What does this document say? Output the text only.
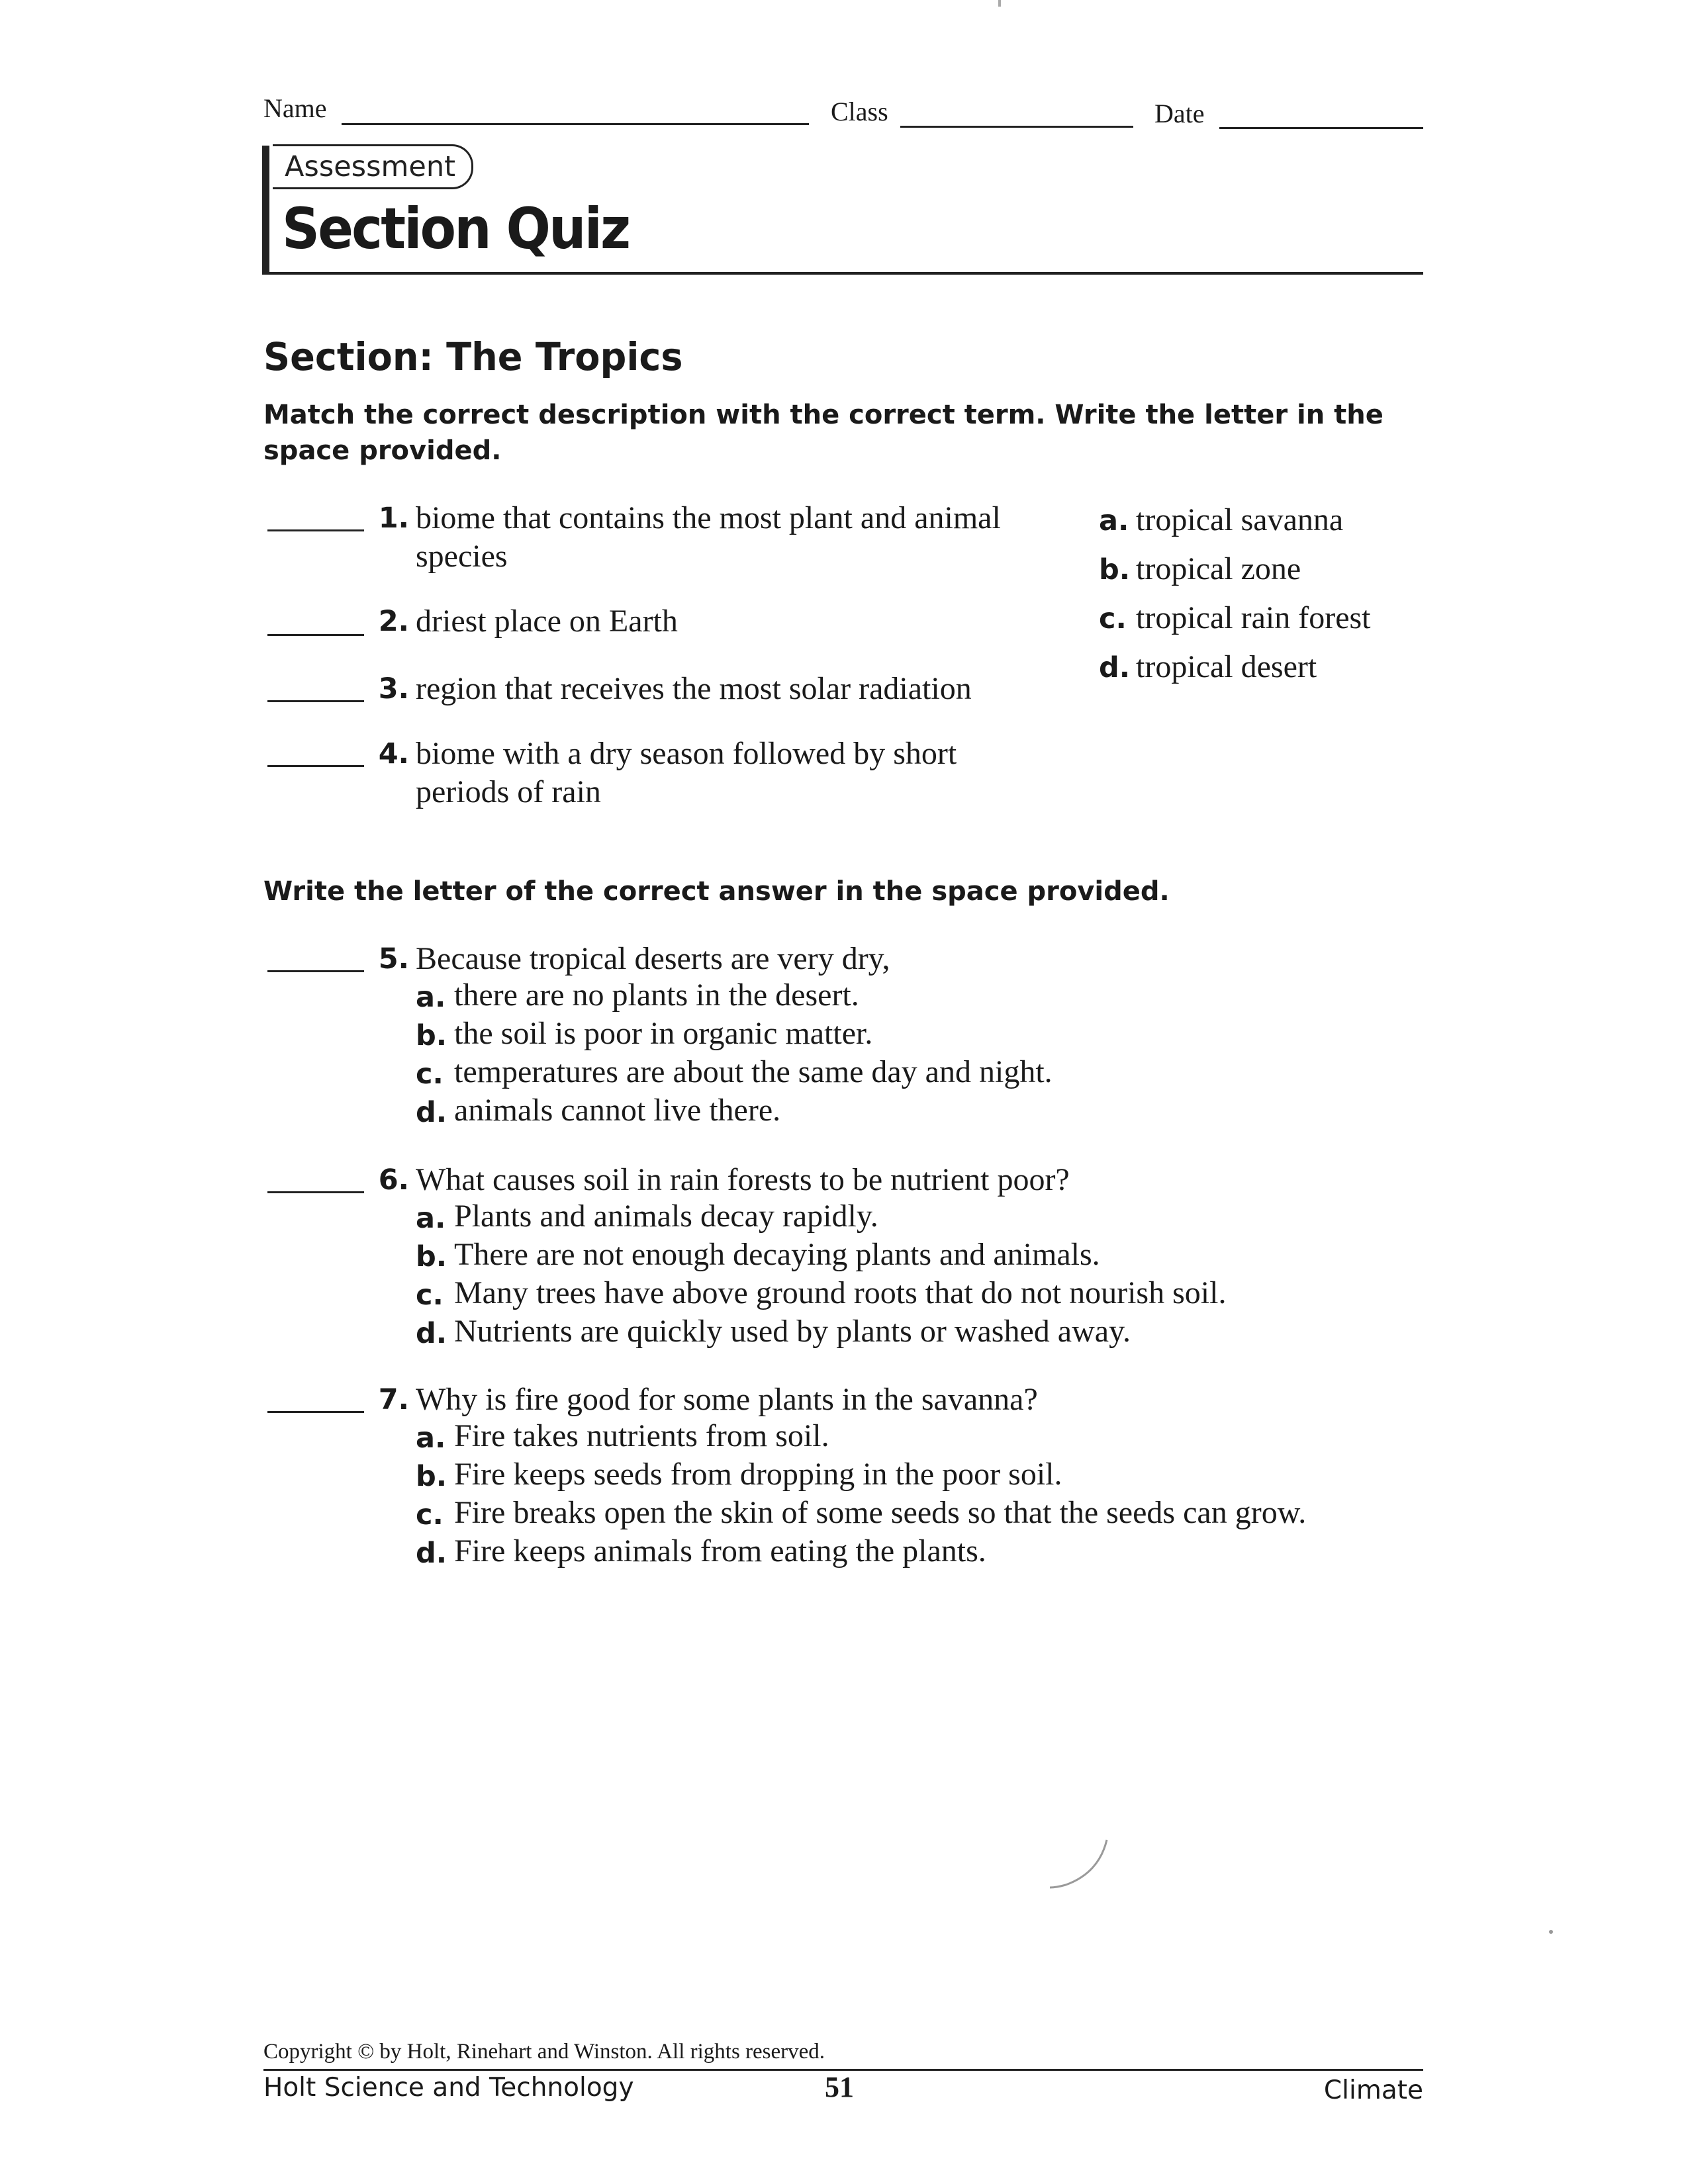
Name	Class	Date
Assessment
Section Quiz
Section: The Tropics
Match the correct description with the correct term. Write the letter in the space provided.
1. biome that contains the most plant and animal species
2. driest place on Earth
3. region that receives the most solar radiation
4. biome with a dry season followed by short periods of rain
a. tropical savanna
b. tropical zone
c. tropical rain forest
d. tropical desert
Write the letter of the correct answer in the space provided.
5. Because tropical deserts are very dry,
a. there are no plants in the desert.
b. the soil is poor in organic matter.
c. temperatures are about the same day and night.
d. animals cannot live there.
6. What causes soil in rain forests to be nutrient poor?
a. Plants and animals decay rapidly.
b. There are not enough decaying plants and animals.
c. Many trees have above ground roots that do not nourish soil.
d. Nutrients are quickly used by plants or washed away.
7. Why is fire good for some plants in the savanna?
a. Fire takes nutrients from soil.
b. Fire keeps seeds from dropping in the poor soil.
c. Fire breaks open the skin of some seeds so that the seeds can grow.
d. Fire keeps animals from eating the plants.
Copyright © by Holt, Rinehart and Winston. All rights reserved.
Holt Science and Technology	51	Climate
